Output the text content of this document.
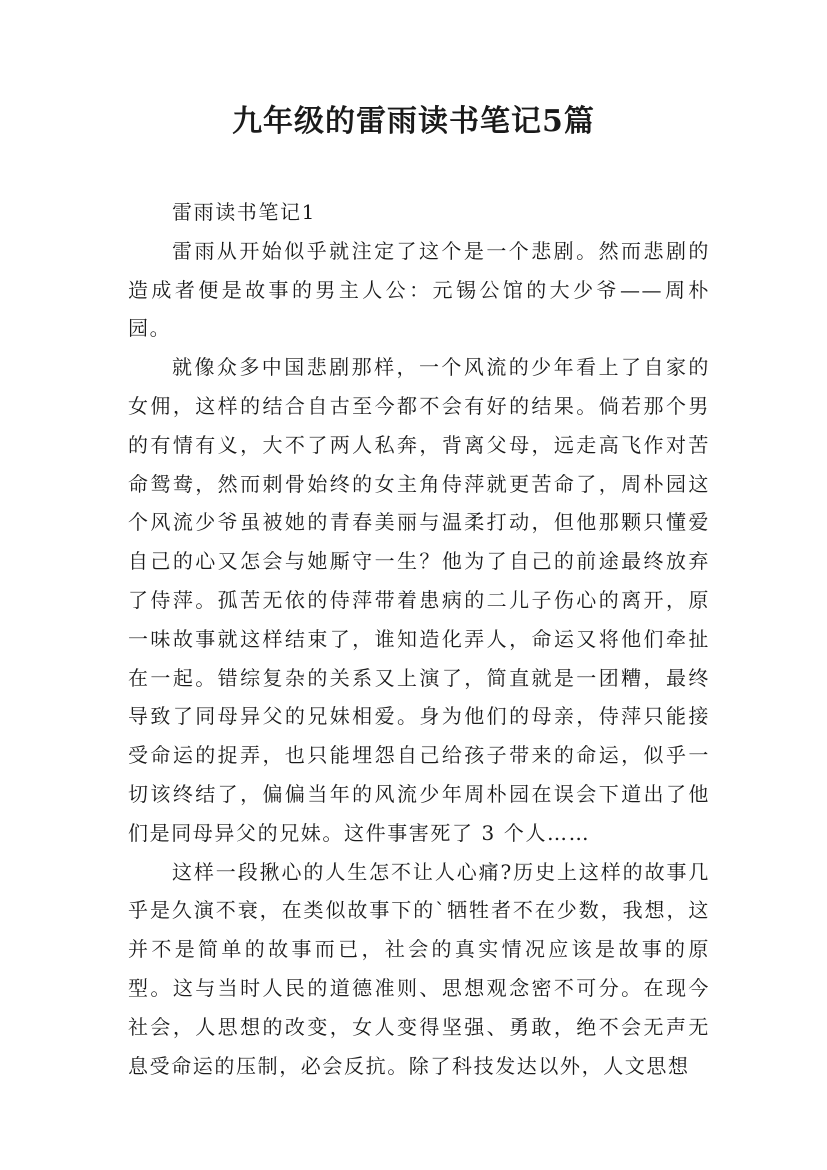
九年级的雷雨读书笔记5篇

雷雨读书笔记1

雷雨从开始似乎就注定了这个是一个悲剧。然而悲剧的造成者便是故事的男主人公：元锡公馆的大少爷——周朴园。

就像众多中国悲剧那样，一个风流的少年看上了自家的女佣，这样的结合自古至今都不会有好的结果。倘若那个男的有情有义，大不了两人私奔，背离父母，远走高飞作对苦命鸳鸯，然而刺骨始终的女主角侍萍就更苦命了，周朴园这个风流少爷虽被她的青春美丽与温柔打动，但他那颗只懂爱自己的心又怎会与她厮守一生？他为了自己的前途最终放弃了侍萍。孤苦无依的侍萍带着患病的二儿子伤心的离开，原一味故事就这样结束了，谁知造化弄人，命运又将他们牵扯在一起。错综复杂的关系又上演了，简直就是一团糟，最终导致了同母异父的兄妹相爱。身为他们的母亲，侍萍只能接受命运的捉弄，也只能埋怨自己给孩子带来的命运，似乎一切该终结了，偏偏当年的风流少年周朴园在误会下道出了他们是同母异父的兄妹。这件事害死了 3 个人……

这样一段揪心的人生怎不让人心痛?历史上这样的故事几乎是久演不衰，在类似故事下的`牺牲者不在少数，我想，这并不是简单的故事而已，社会的真实情况应该是故事的原型。这与当时人民的道德准则、思想观念密不可分。在现今社会，人思想的改变，女人变得坚强、勇敢，绝不会无声无息受命运的压制，必会反抗。除了科技发达以外，人文思想
